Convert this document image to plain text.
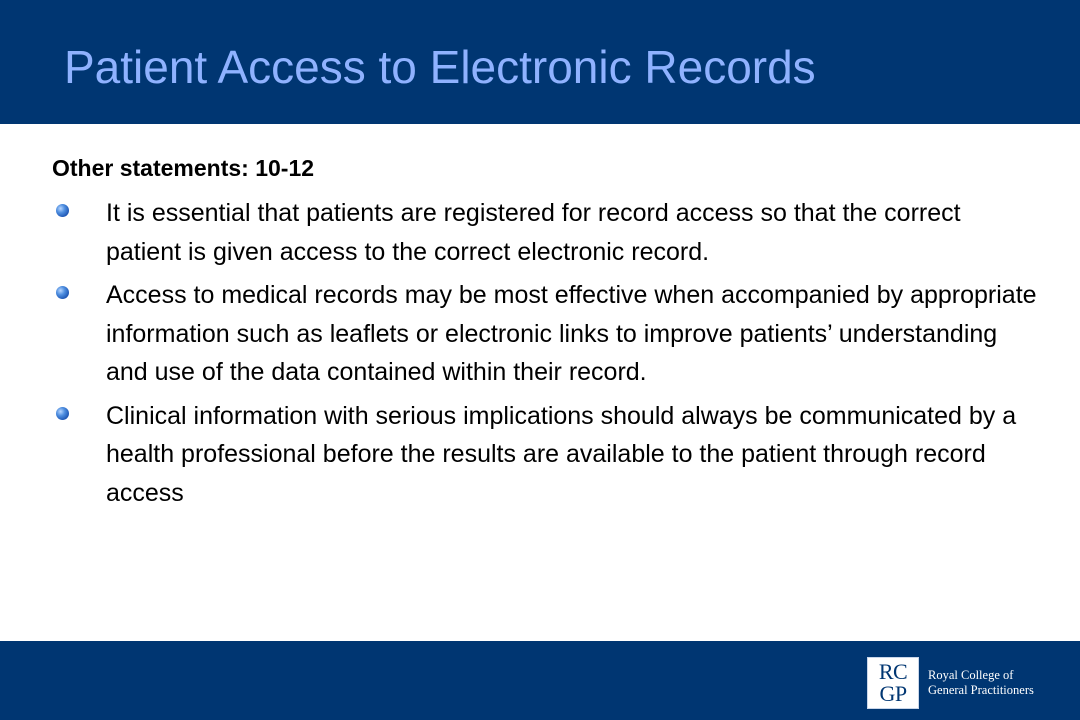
Patient Access to Electronic Records

Other statements: 10-12

It is essential that patients are registered for record access so that the correct patient is given access to the correct electronic record.
Access to medical records may be most effective when accompanied by appropriate information such as leaflets or electronic links to improve patients’ understanding and use of the data contained within their record.
Clinical information with serious implications should always be communicated by a health professional before the results are available to the patient through record access
RC
GP
Royal College of
General Practitioners
